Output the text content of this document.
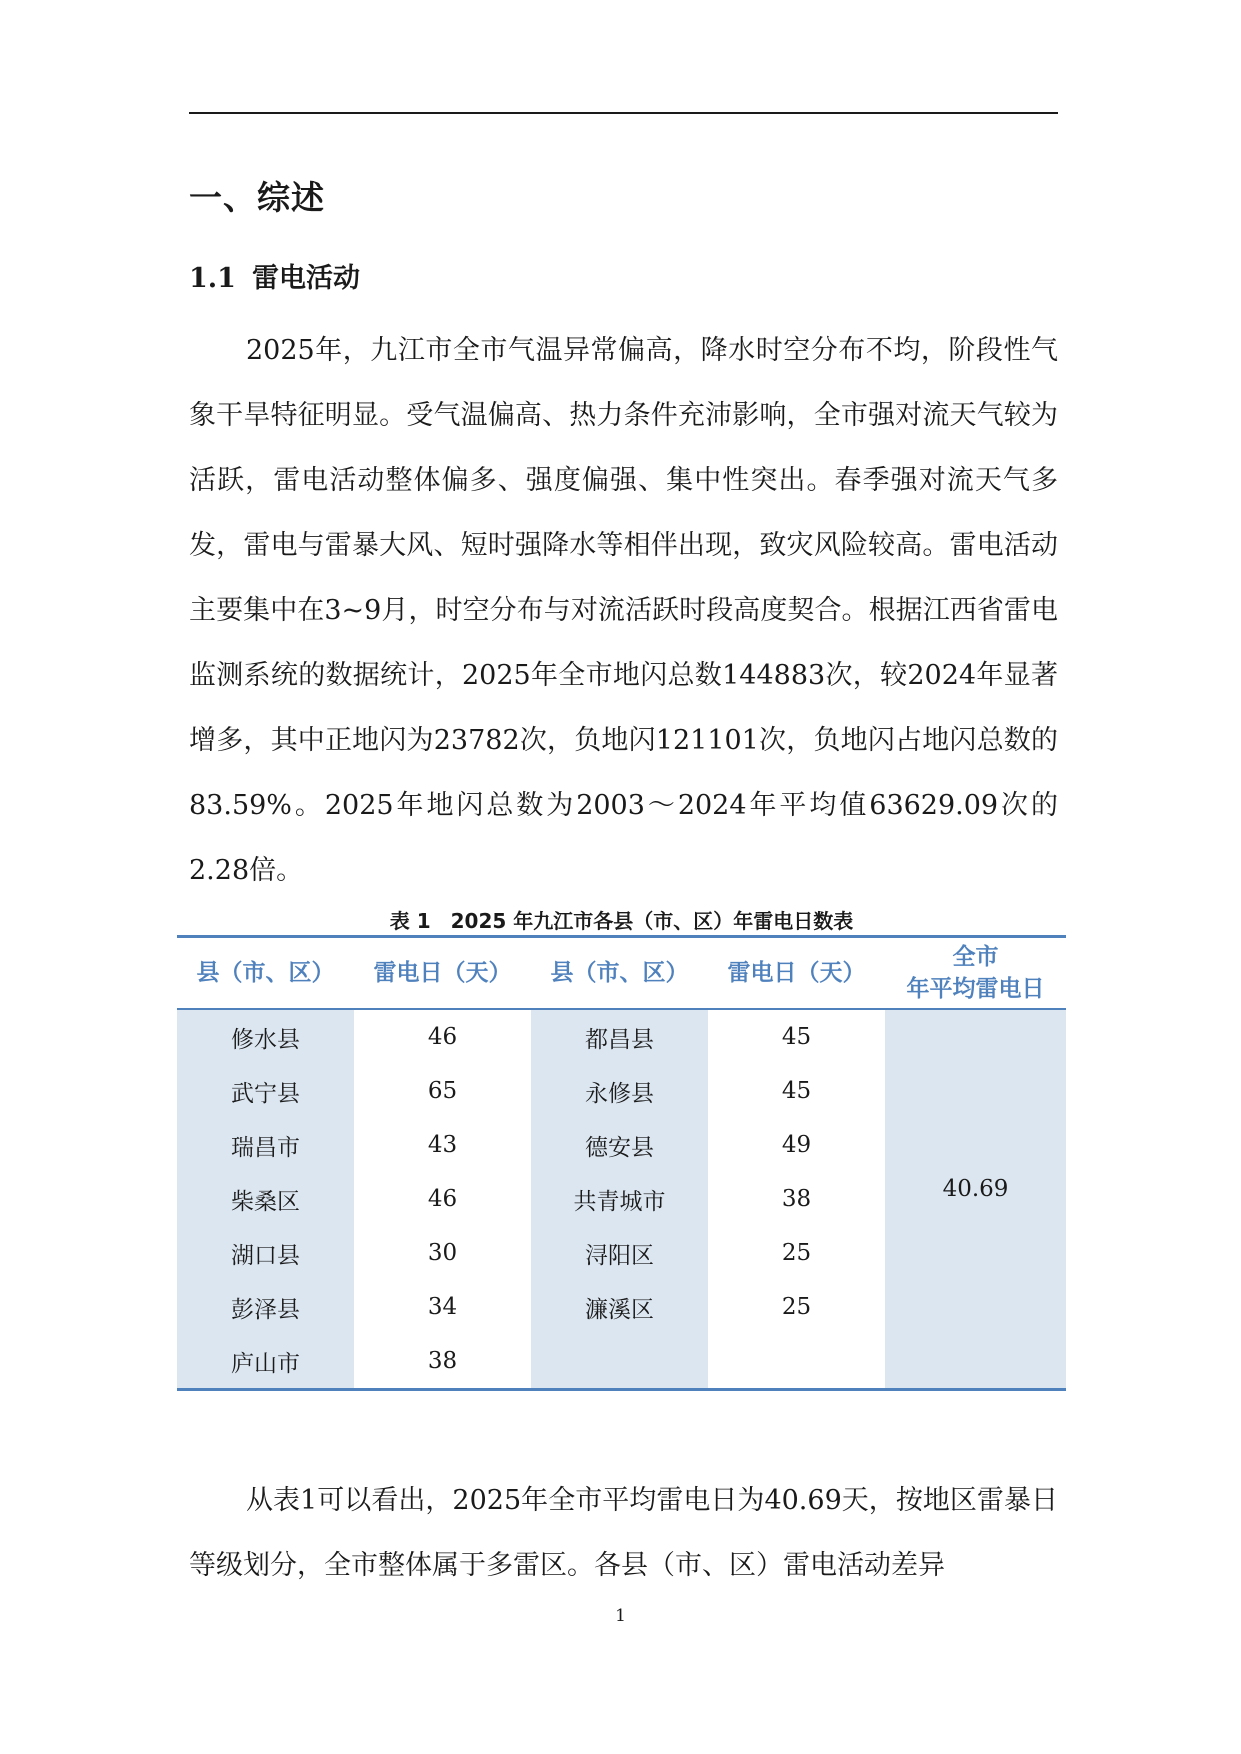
一、综述
1.1 雷电活动

2025年，九江市全市气温异常偏高，降水时空分布不均，阶段性气象干旱特征明显。受气温偏高、热力条件充沛影响，全市强对流天气较为活跃，雷电活动整体偏多、强度偏强、集中性突出。春季强对流天气多发，雷电与雷暴大风、短时强降水等相伴出现，致灾风险较高。雷电活动主要集中在3~9月，时空分布与对流活跃时段高度契合。根据江西省雷电监测系统的数据统计，2025年全市地闪总数144883次，较2024年显著增多，其中正地闪为23782次，负地闪121101次，负地闪占地闪总数的83.59%。2025年地闪总数为2003～2024年平均值63629.09次的2.28倍。

表 1　2025 年九江市各县（市、区）年雷电日数表
县（市、区）	雷电日（天）	县（市、区）	雷电日（天）	全市
年平均雷电日

修水县	46	都昌县	45	40.69
武宁县	65	永修县	45	
瑞昌市	43	德安县	49	
柴桑区	46	共青城市	38	
湖口县	30	浔阳区	25	
彭泽县	34	濂溪区	25	
庐山市	38			

从表1可以看出，2025年全市平均雷电日为40.69天，按地区雷暴日等级划分，全市整体属于多雷区。各县（市、区）雷电活动差异

1
